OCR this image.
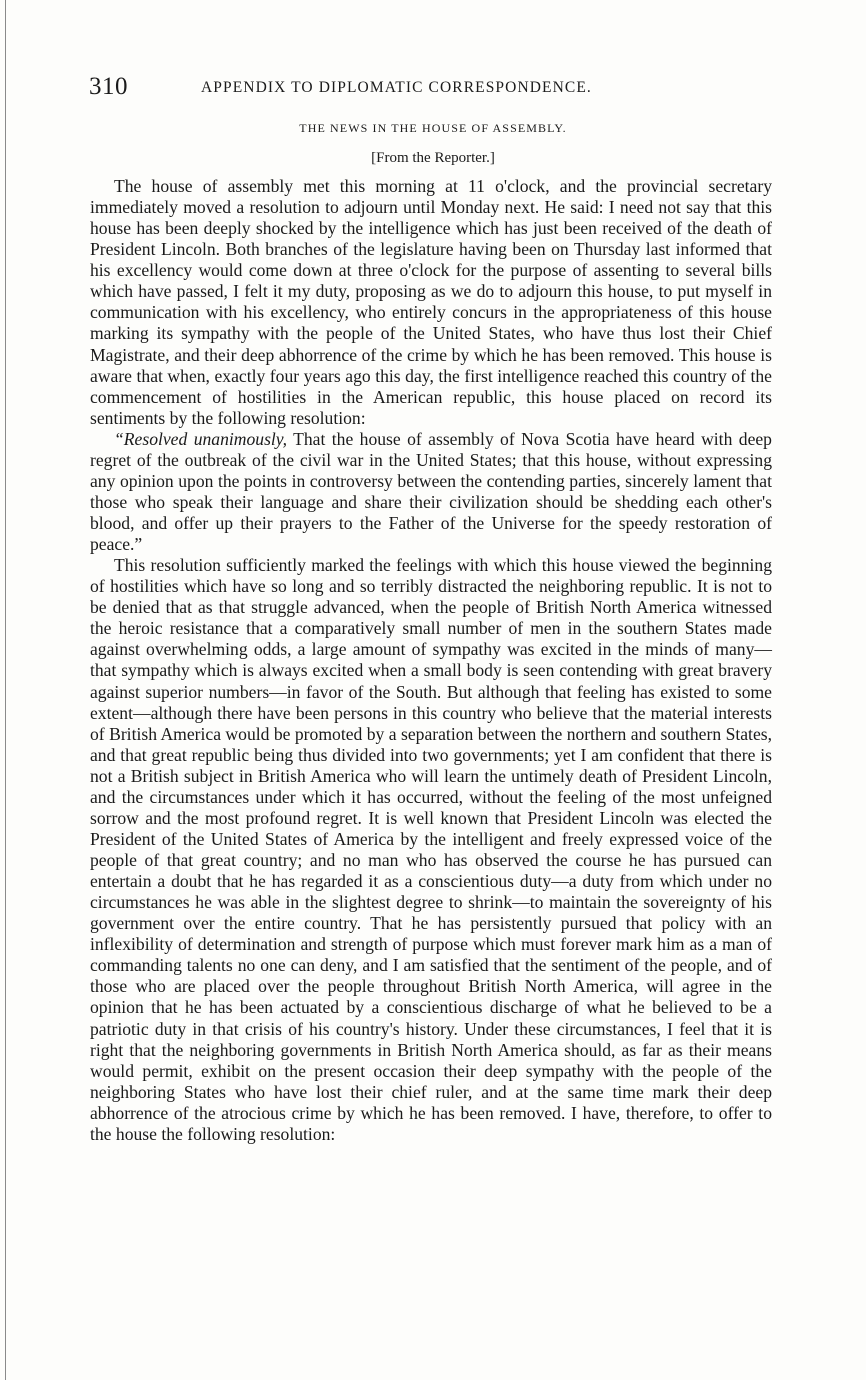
310	APPENDIX TO DIPLOMATIC CORRESPONDENCE.
THE NEWS IN THE HOUSE OF ASSEMBLY.
[From the Reporter.]

The house of assembly met this morning at 11 o'clock, and the provincial secretary immediately moved a resolution to adjourn until Monday next. He said: I need not say that this house has been deeply shocked by the intelligence which has just been received of the death of President Lincoln. Both branches of the legislature having been on Thursday last informed that his excellency would come down at three o'clock for the purpose of assenting to several bills which have passed, I felt it my duty, proposing as we do to adjourn this house, to put myself in communication with his excellency, who entirely concurs in the appropriateness of this house marking its sympathy with the people of the United States, who have thus lost their Chief Magistrate, and their deep abhorrence of the crime by which he has been removed. This house is aware that when, exactly four years ago this day, the first intelligence reached this country of the commencement of hostilities in the American republic, this house placed on record its sentiments by the following resolution:

“Resolved unanimously, That the house of assembly of Nova Scotia have heard with deep regret of the outbreak of the civil war in the United States; that this house, without expressing any opinion upon the points in controversy between the contending parties, sincerely lament that those who speak their language and share their civilization should be shedding each other's blood, and offer up their prayers to the Father of the Universe for the speedy restoration of peace.”

This resolution sufficiently marked the feelings with which this house viewed the beginning of hostilities which have so long and so terribly distracted the neighboring republic. It is not to be denied that as that struggle advanced, when the people of British North America witnessed the heroic resistance that a comparatively small number of men in the southern States made against overwhelming odds, a large amount of sympathy was excited in the minds of many—that sympathy which is always excited when a small body is seen contending with great bravery against superior numbers—in favor of the South. But although that feeling has existed to some extent—although there have been persons in this country who believe that the material interests of British America would be promoted by a separation between the northern and southern States, and that great republic being thus divided into two governments; yet I am confident that there is not a British subject in British America who will learn the untimely death of President Lincoln, and the circumstances under which it has occurred, without the feeling of the most unfeigned sorrow and the most profound regret. It is well known that President Lincoln was elected the President of the United States of America by the intelligent and freely expressed voice of the people of that great country; and no man who has observed the course he has pursued can entertain a doubt that he has regarded it as a conscientious duty—a duty from which under no circumstances he was able in the slightest degree to shrink—to maintain the sovereignty of his government over the entire country. That he has persistently pursued that policy with an inflexibility of determination and strength of purpose which must forever mark him as a man of commanding talents no one can deny, and I am satisfied that the sentiment of the people, and of those who are placed over the people throughout British North America, will agree in the opinion that he has been actuated by a conscientious discharge of what he believed to be a patriotic duty in that crisis of his country's history. Under these circumstances, I feel that it is right that the neighboring governments in British North America should, as far as their means would permit, exhibit on the present occasion their deep sympathy with the people of the neighboring States who have lost their chief ruler, and at the same time mark their deep abhorrence of the atrocious crime by which he has been removed. I have, therefore, to offer to the house the following resolution:
